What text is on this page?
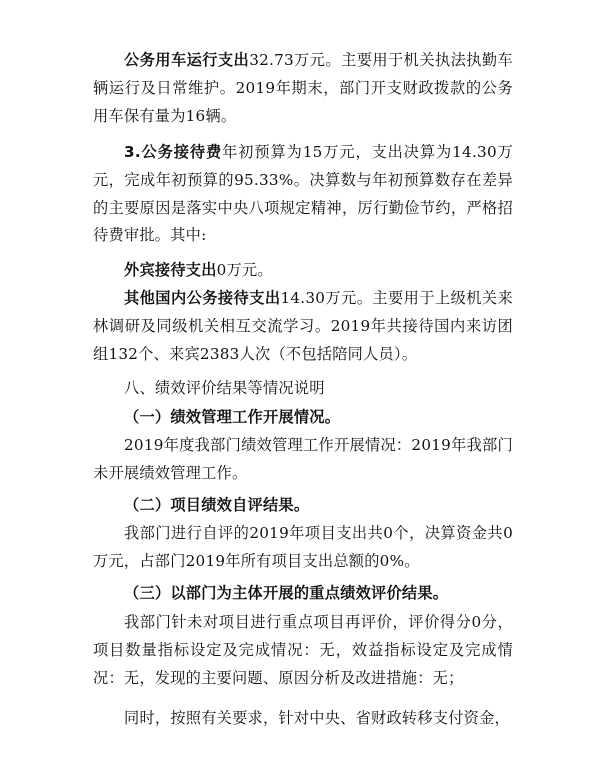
公务用车运行支出32.73万元。主要用于机关执法执勤车辆运行及日常维护。2019年期末，部门开支财政拨款的公务用车保有量为16辆。
3.公务接待费年初预算为15万元，支出决算为14.30万元，完成年初预算的95.33%。决算数与年初预算数存在差异的主要原因是落实中央八项规定精神，厉行勤俭节约，严格招待费审批。其中:
外宾接待支出0万元。
其他国内公务接待支出14.30万元。主要用于上级机关来林调研及同级机关相互交流学习。2019年共接待国内来访团组132个、来宾2383人次（不包括陪同人员）。
八、绩效评价结果等情况说明
（一）绩效管理工作开展情况。
2019年度我部门绩效管理工作开展情况：2019年我部门未开展绩效管理工作。
（二）项目绩效自评结果。
我部门进行自评的2019年项目支出共0个，决算资金共0万元，占部门2019年所有项目支出总额的0%。
（三）以部门为主体开展的重点绩效评价结果。
我部门针未对项目进行重点项目再评价，评价得分0分，项目数量指标设定及完成情况：无，效益指标设定及完成情况：无，发现的主要问题、原因分析及改进措施：无；
同时，按照有关要求，针对中央、省财政转移支付资金，
